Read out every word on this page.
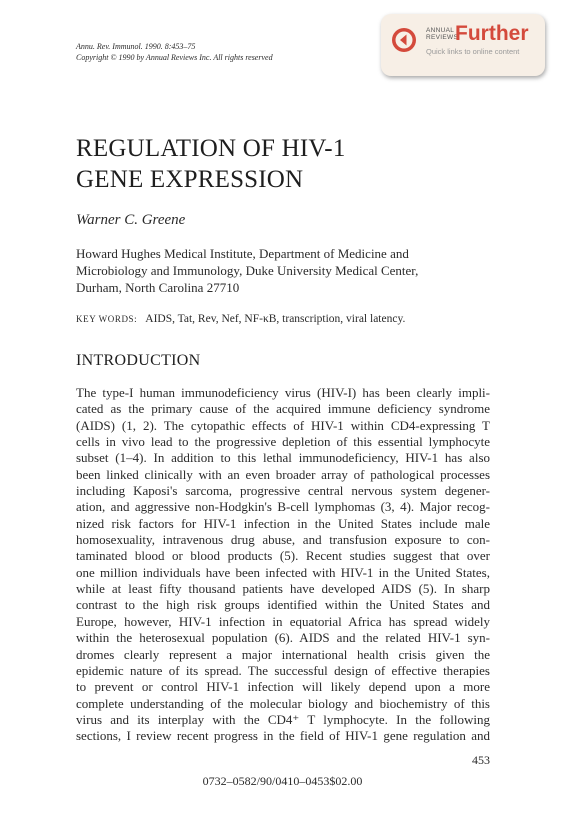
Annu. Rev. Immunol. 1990. 8:453–75
Copyright © 1990 by Annual Reviews Inc. All rights reserved
ANNUAL
REVIEWS
Further
Quick links to online content
REGULATION OF HIV-1
GENE EXPRESSION
Warner C. Greene
Howard Hughes Medical Institute, Department of Medicine and
Microbiology and Immunology, Duke University Medical Center,
Durham, North Carolina 27710
KEY WORDS: AIDS, Tat, Rev, Nef, NF-κB, transcription, viral latency.
INTRODUCTION
The type-I human immunodeficiency virus (HIV-I) has been clearly impli-
cated as the primary cause of the acquired immune deficiency syndrome
(AIDS) (1, 2). The cytopathic effects of HIV-1 within CD4-expressing T
cells in vivo lead to the progressive depletion of this essential lymphocyte
subset (1–4). In addition to this lethal immunodeficiency, HIV-1 has also
been linked clinically with an even broader array of pathological processes
including Kaposi's sarcoma, progressive central nervous system degener-
ation, and aggressive non-Hodgkin's B-cell lymphomas (3, 4). Major recog-
nized risk factors for HIV-1 infection in the United States include male
homosexuality, intravenous drug abuse, and transfusion exposure to con-
taminated blood or blood products (5). Recent studies suggest that over
one million individuals have been infected with HIV-1 in the United States,
while at least fifty thousand patients have developed AIDS (5). In sharp
contrast to the high risk groups identified within the United States and
Europe, however, HIV-1 infection in equatorial Africa has spread widely
within the heterosexual population (6). AIDS and the related HIV-1 syn-
dromes clearly represent a major international health crisis given the
epidemic nature of its spread. The successful design of effective therapies
to prevent or control HIV-1 infection will likely depend upon a more
complete understanding of the molecular biology and biochemistry of this
virus and its interplay with the CD4⁺ T lymphocyte. In the following
sections, I review recent progress in the field of HIV-1 gene regulation and
453
0732–0582/90/0410–0453$02.00
